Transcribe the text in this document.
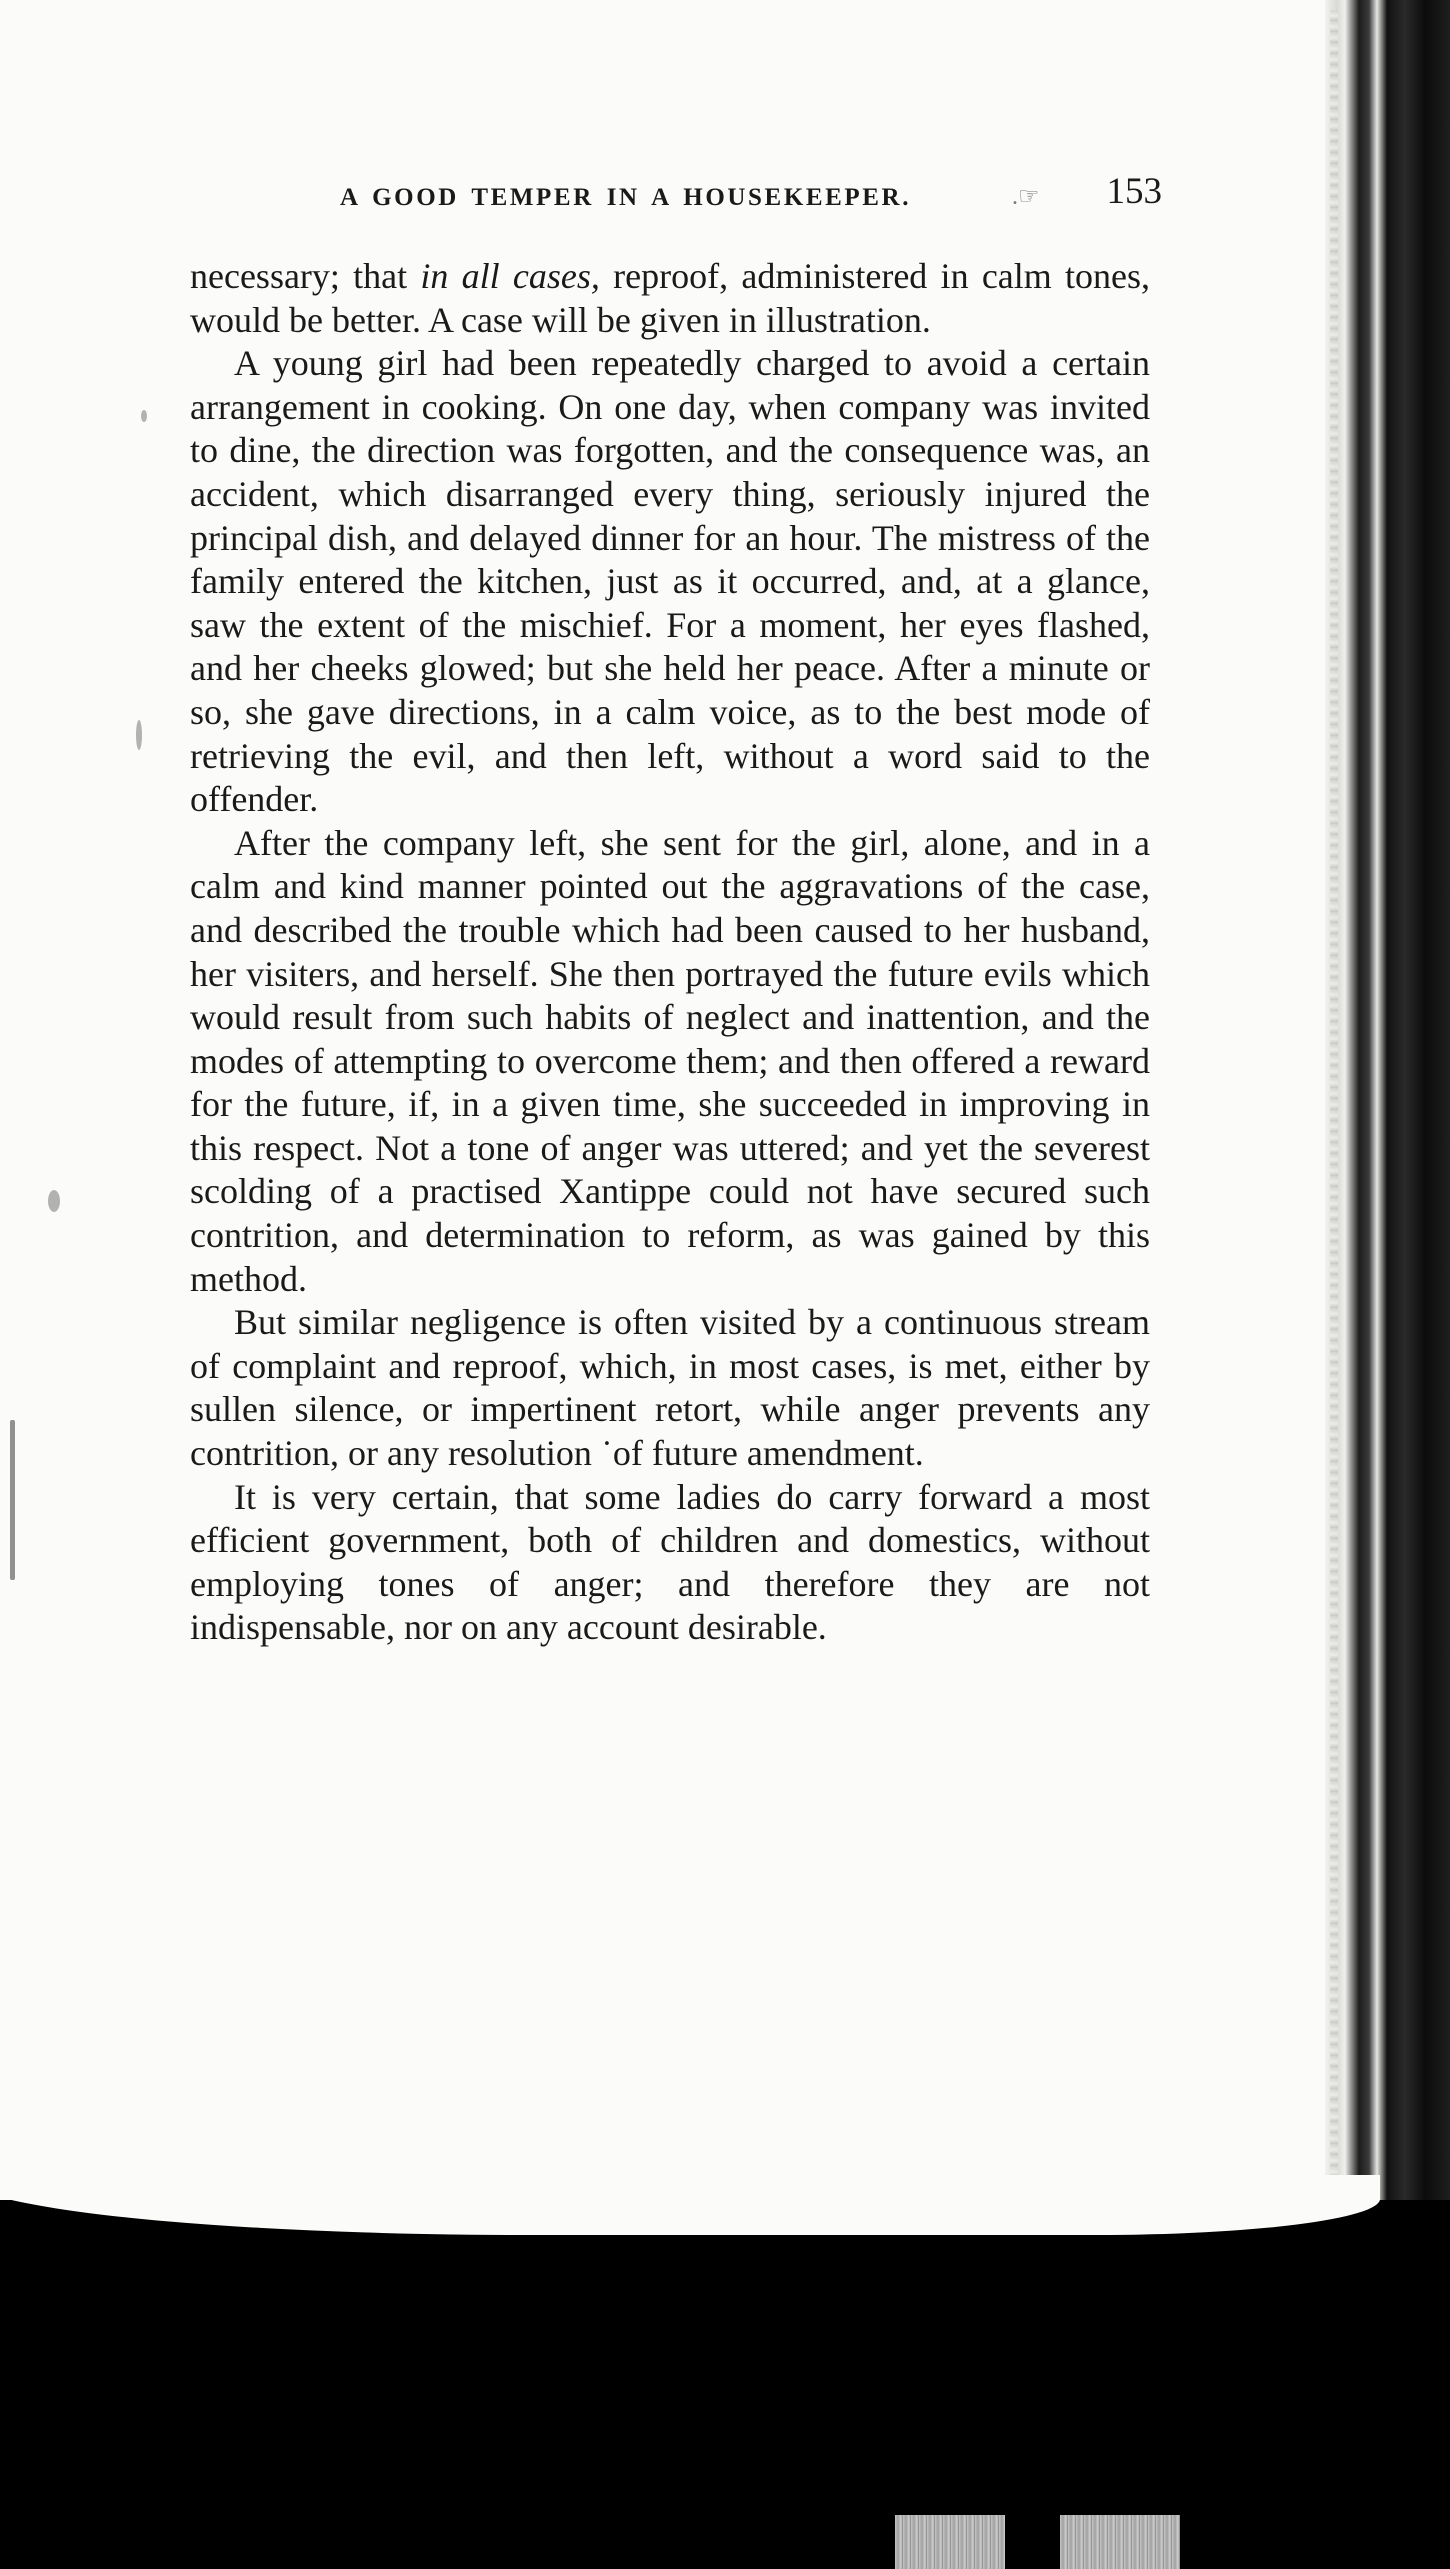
A GOOD TEMPER IN A HOUSEKEEPER.	.☞ 153

necessary; that in all cases, reproof, administered in calm tones, would be better. A case will be given in illustration.

A young girl had been repeatedly charged to avoid a certain arrangement in cooking. On one day, when company was invited to dine, the direction was forgotten, and the consequence was, an accident, which disarranged every thing, seriously injured the principal dish, and delayed dinner for an hour. The mistress of the family entered the kitchen, just as it occurred, and, at a glance, saw the extent of the mischief. For a moment, her eyes flashed, and her cheeks glowed; but she held her peace. After a minute or so, she gave directions, in a calm voice, as to the best mode of retrieving the evil, and then left, without a word said to the offender.

After the company left, she sent for the girl, alone, and in a calm and kind manner pointed out the aggravations of the case, and described the trouble which had been caused to her husband, her visiters, and herself. She then portrayed the future evils which would result from such habits of neglect and inattention, and the modes of attempting to overcome them; and then offered a reward for the future, if, in a given time, she succeeded in improving in this respect. Not a tone of anger was uttered; and yet the severest scolding of a practised Xantippe could not have secured such contrition, and determination to reform, as was gained by this method.

But similar negligence is often visited by a continuous stream of complaint and reproof, which, in most cases, is met, either by sullen silence, or impertinent retort, while anger prevents any contrition, or any resolution ˙of future amendment.

It is very certain, that some ladies do carry forward a most efficient government, both of children and domestics, without employing tones of anger; and therefore they are not indispensable, nor on any account desirable.
